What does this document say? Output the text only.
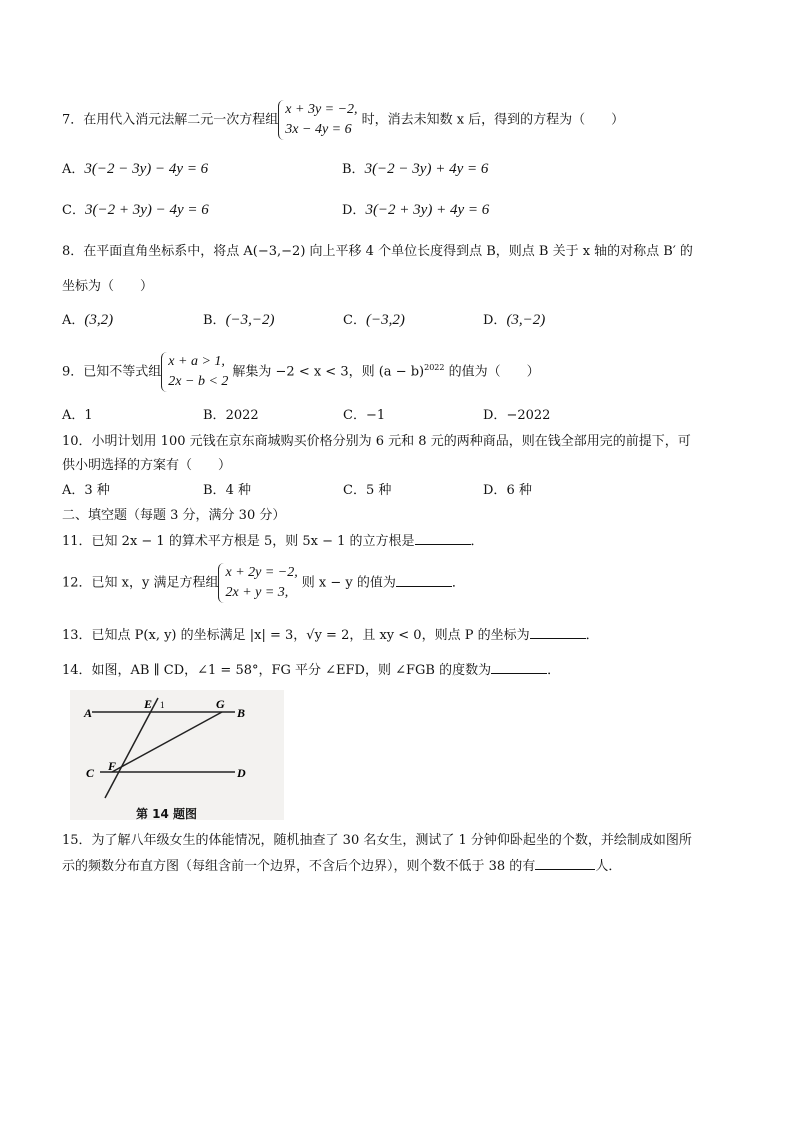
7．在用代入消元法解二元一次方程组
x + 3y = −2,
3x − 4y = 6
时，消去未知数 x 后，得到的方程为（　　）
A．3(−2 − 3y) − 4y = 6	B．3(−2 − 3y) + 4y = 6
C．3(−2 + 3y) − 4y = 6	D．3(−2 + 3y) + 4y = 6
8．在平面直角坐标系中，将点 A(−3,−2) 向上平移 4 个单位长度得到点 B，则点 B 关于 x 轴的对称点 B′ 的
坐标为（　　）
A．(3,2)	B．(−3,−2)	C．(−3,2)	D．(3,−2)
9．已知不等式组
x + a > 1,
2x − b < 2
解集为 −2 < x < 3，则 $(a - b)^{2022}$ 的值为（　　）
A．1	B．2022	C．−1	D．−2022
10．小明计划用 100 元钱在京东商城购买价格分别为 6 元和 8 元的两种商品，则在钱全部用完的前提下，可
供小明选择的方案有（　　）
A．3 种	B．4 种	C．5 种	D．6 种
二、填空题（每题 3 分，满分 30 分）
11．已知 2x − 1 的算术平方根是 5，则 5x − 1 的立方根是	．
12．已知 x，y 满足方程组
x + 2y = −2,
2x + y = 3,
则 x − y 的值为	．
13．已知点 P(x, y) 的坐标满足 |x| = 3，√y = 2，且 xy < 0，则点 P 的坐标为	．
14．如图，AB ∥ CD，∠1 = 58°，FG 平分 ∠EFD，则 ∠FGB 的度数为	．
A	B
C	D
E
F
G
1
第 14 题图
15．为了解八年级女生的体能情况，随机抽查了 30 名女生，测试了 1 分钟仰卧起坐的个数，并绘制成如图所
示的频数分布直方图（每组含前一个边界，不含后个边界），则个数不低于 38 的有	人．
